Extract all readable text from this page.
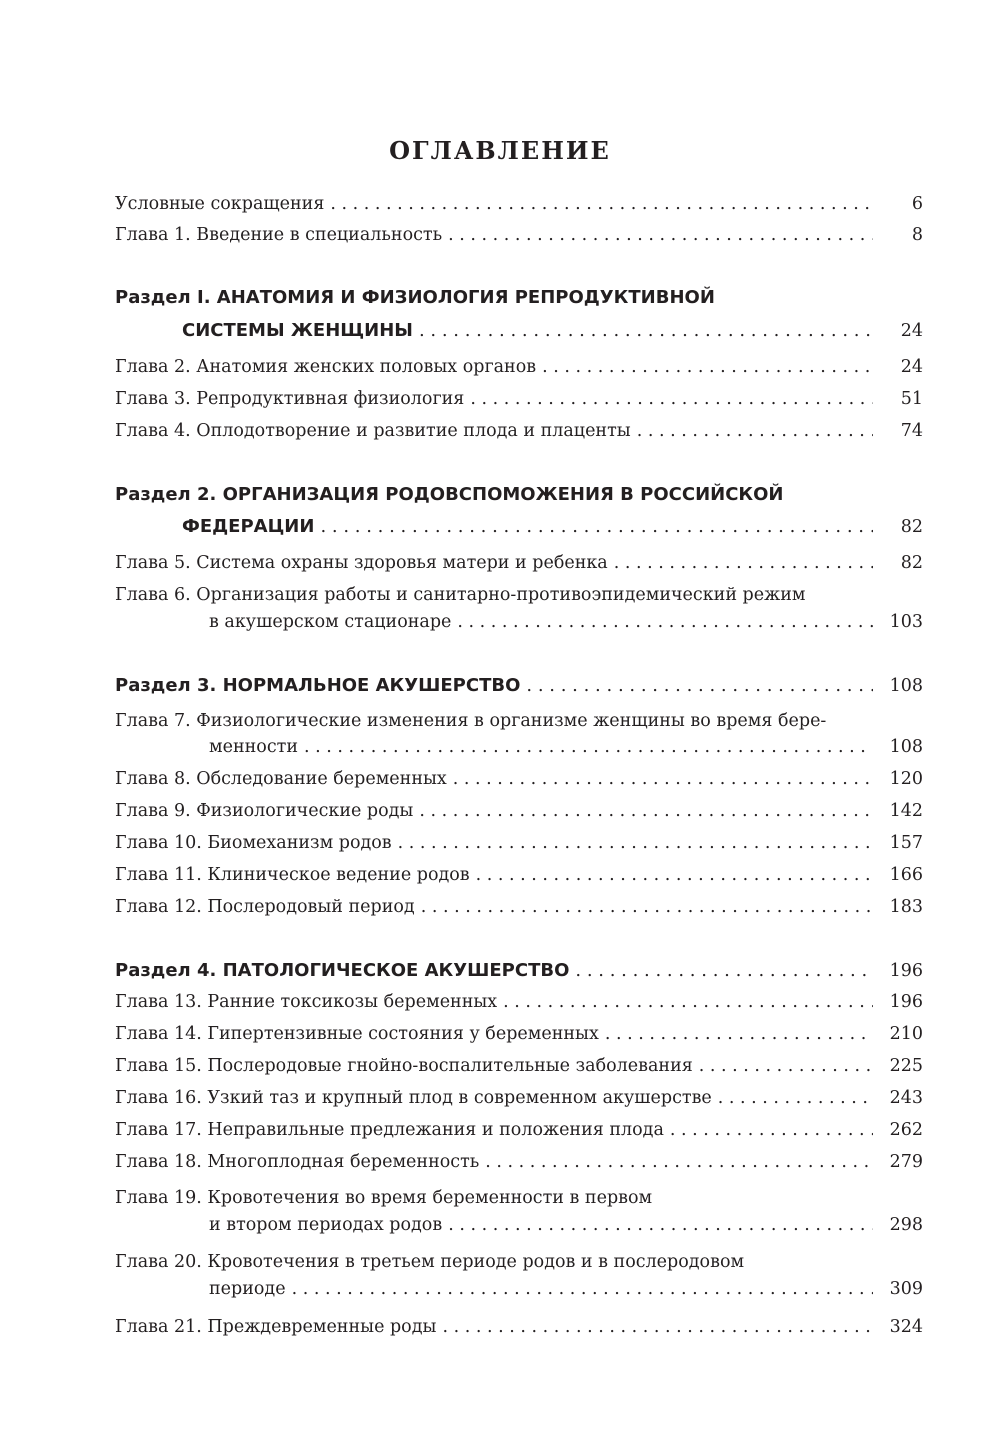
ОГЛАВЛЕНИЕ
Условные сокращения . . .	6
Глава 1. Введение в специальность . . .	8
Раздел I. АНАТОМИЯ И ФИЗИОЛОГИЯ РЕПРОДУКТИВНОЙ
СИСТЕМЫ ЖЕНЩИНЫ . . .	24
Глава 2. Анатомия женских половых органов . . .	24
Глава 3. Репродуктивная физиология . . .	51
Глава 4. Оплодотворение и развитие плода и плаценты . . .	74
Раздел 2. ОРГАНИЗАЦИЯ РОДОВСПОМОЖЕНИЯ В РОССИЙСКОЙ
ФЕДЕРАЦИИ . . .	82
Глава 5. Система охраны здоровья матери и ребенка . . .	82
Глава 6. Организация работы и санитарно-противоэпидемический режим
в акушерском стационаре . . .	103
Раздел 3. НОРМАЛЬНОЕ АКУШЕРСТВО . . .	108
Глава 7. Физиологические изменения в организме женщины во время бере-
менности . . .	108
Глава 8. Обследование беременных . . .	120
Глава 9. Физиологические роды . . .	142
Глава 10. Биомеханизм родов . . .	157
Глава 11. Клиническое ведение родов . . .	166
Глава 12. Послеродовый период . . .	183
Раздел 4. ПАТОЛОГИЧЕСКОЕ АКУШЕРСТВО . . .	196
Глава 13. Ранние токсикозы беременных . . .	196
Глава 14. Гипертензивные состояния у беременных . . .	210
Глава 15. Послеродовые гнойно-воспалительные заболевания . . .	225
Глава 16. Узкий таз и крупный плод в современном акушерстве . . .	243
Глава 17. Неправильные предлежания и положения плода . . .	262
Глава 18. Многоплодная беременность . . .	279
Глава 19. Кровотечения во время беременности в первом
и втором периодах родов . . .	298
Глава 20. Кровотечения в третьем периоде родов и в послеродовом
периоде . . .	309
Глава 21. Преждевременные роды . . .	324
